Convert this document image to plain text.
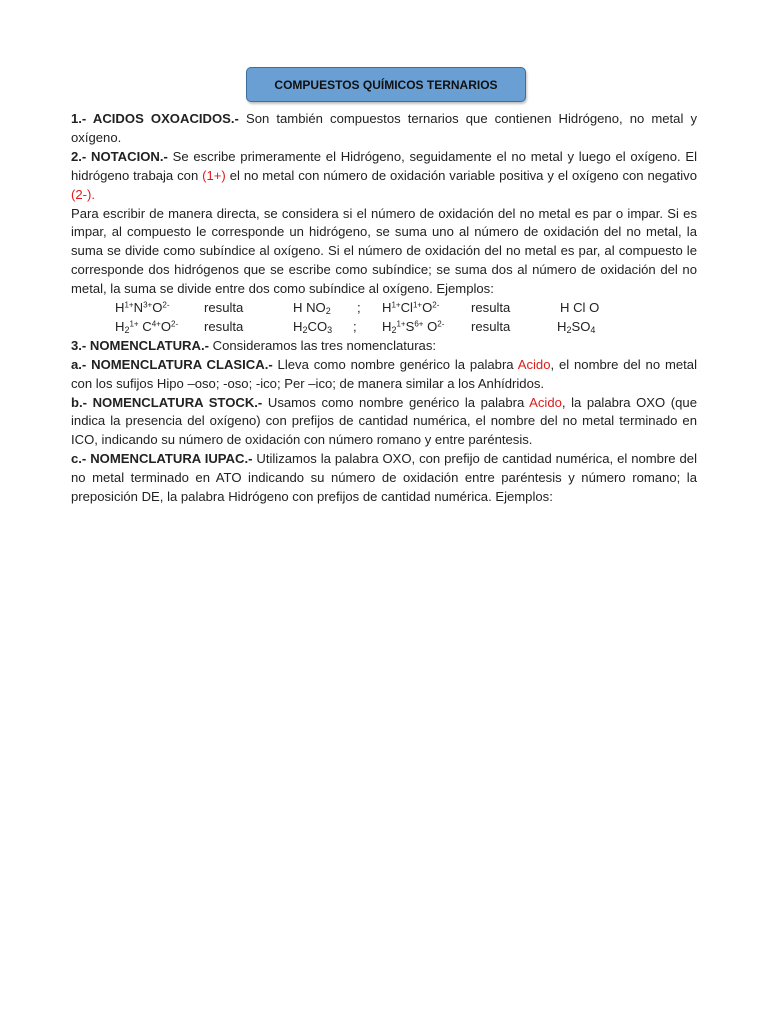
COMPUESTOS QUÍMICOS TERNARIOS

1.- ACIDOS OXOACIDOS.- Son también compuestos ternarios que contienen Hidrógeno, no metal y oxígeno.

2.- NOTACION.- Se escribe primeramente el Hidrógeno, seguidamente el no metal y luego el oxígeno. El hidrógeno trabaja con (1+) el no metal con número de oxidación variable positiva y el oxígeno con negativo (2-).

Para escribir de manera directa, se considera si el número de oxidación del no metal es par o impar. Si es impar, al compuesto le corresponde un hidrógeno, se suma uno al número de oxidación del no metal, la suma se divide como subíndice al oxígeno. Si el número de oxidación del no metal es par, al compuesto le corresponde dos hidrógenos que se escribe como subíndice; se suma dos al número de oxidación del no metal, la suma se divide entre dos como subíndice al oxígeno. Ejemplos:

$H^{1+}N^{3+}O^{2-}$	resulta	H $NO_2$ ; $H^{1+}Cl^{1+}O^{2-}$ resulta	H Cl O
$H_2^{1+}$ $C^{4+}O^{2-}$ resulta	$H_2CO_3$ ; $H_2^{1+}S^{6+}$ $O^{2-}$ resulta	$H_2SO_4$

3.- NOMENCLATURA.- Consideramos las tres nomenclaturas:

a.- NOMENCLATURA CLASICA.- Lleva como nombre genérico la palabra Acido, el nombre del no metal con los sufijos Hipo –oso; -oso; -ico; Per –ico; de manera similar a los Anhídridos.

b.- NOMENCLATURA STOCK.- Usamos como nombre genérico la palabra Acido, la palabra OXO (que indica la presencia del oxígeno) con prefijos de cantidad numérica, el nombre del no metal terminado en ICO, indicando su número de oxidación con número romano y entre paréntesis.

c.- NOMENCLATURA IUPAC.- Utilizamos la palabra OXO, con prefijo de cantidad numérica, el nombre del no metal terminado en ATO indicando su número de oxidación entre paréntesis y número romano; la preposición DE, la palabra Hidrógeno con prefijos de cantidad numérica. Ejemplos:
